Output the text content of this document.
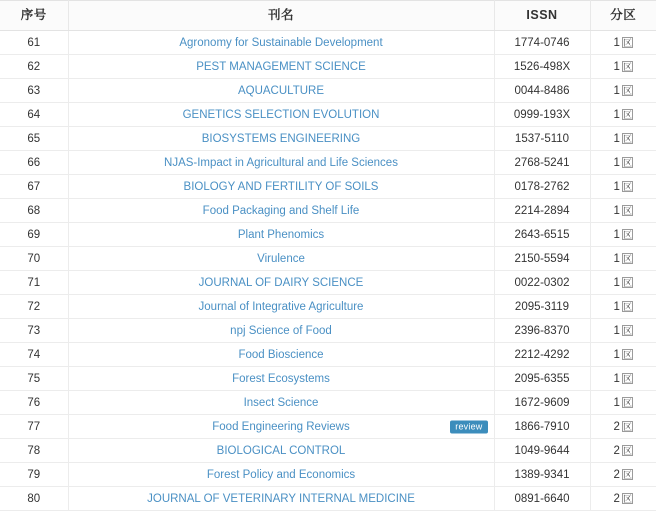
序号	刊名	ISSN	分区
61	Agronomy for Sustainable Development	1774-0746	1 区
62	PEST MANAGEMENT SCIENCE	1526-498X	1 区
63	AQUACULTURE	0044-8486	1 区
64	GENETICS SELECTION EVOLUTION	0999-193X	1 区
65	BIOSYSTEMS ENGINEERING	1537-5110	1 区
66	NJAS-Impact in Agricultural and Life Sciences	2768-5241	1 区
67	BIOLOGY AND FERTILITY OF SOILS	0178-2762	1 区
68	Food Packaging and Shelf Life	2214-2894	1 区
69	Plant Phenomics	2643-6515	1 区
70	Virulence	2150-5594	1 区
71	JOURNAL OF DAIRY SCIENCE	0022-0302	1 区
72	Journal of Integrative Agriculture	2095-3119	1 区
73	npj Science of Food	2396-8370	1 区
74	Food Bioscience	2212-4292	1 区
75	Forest Ecosystems	2095-6355	1 区
76	Insect Science	1672-9609	1 区
77	Food Engineering Reviews review	1866-7910	2 区
78	BIOLOGICAL CONTROL	1049-9644	2 区
79	Forest Policy and Economics	1389-9341	2 区
80	JOURNAL OF VETERINARY INTERNAL MEDICINE	0891-6640	2 区
